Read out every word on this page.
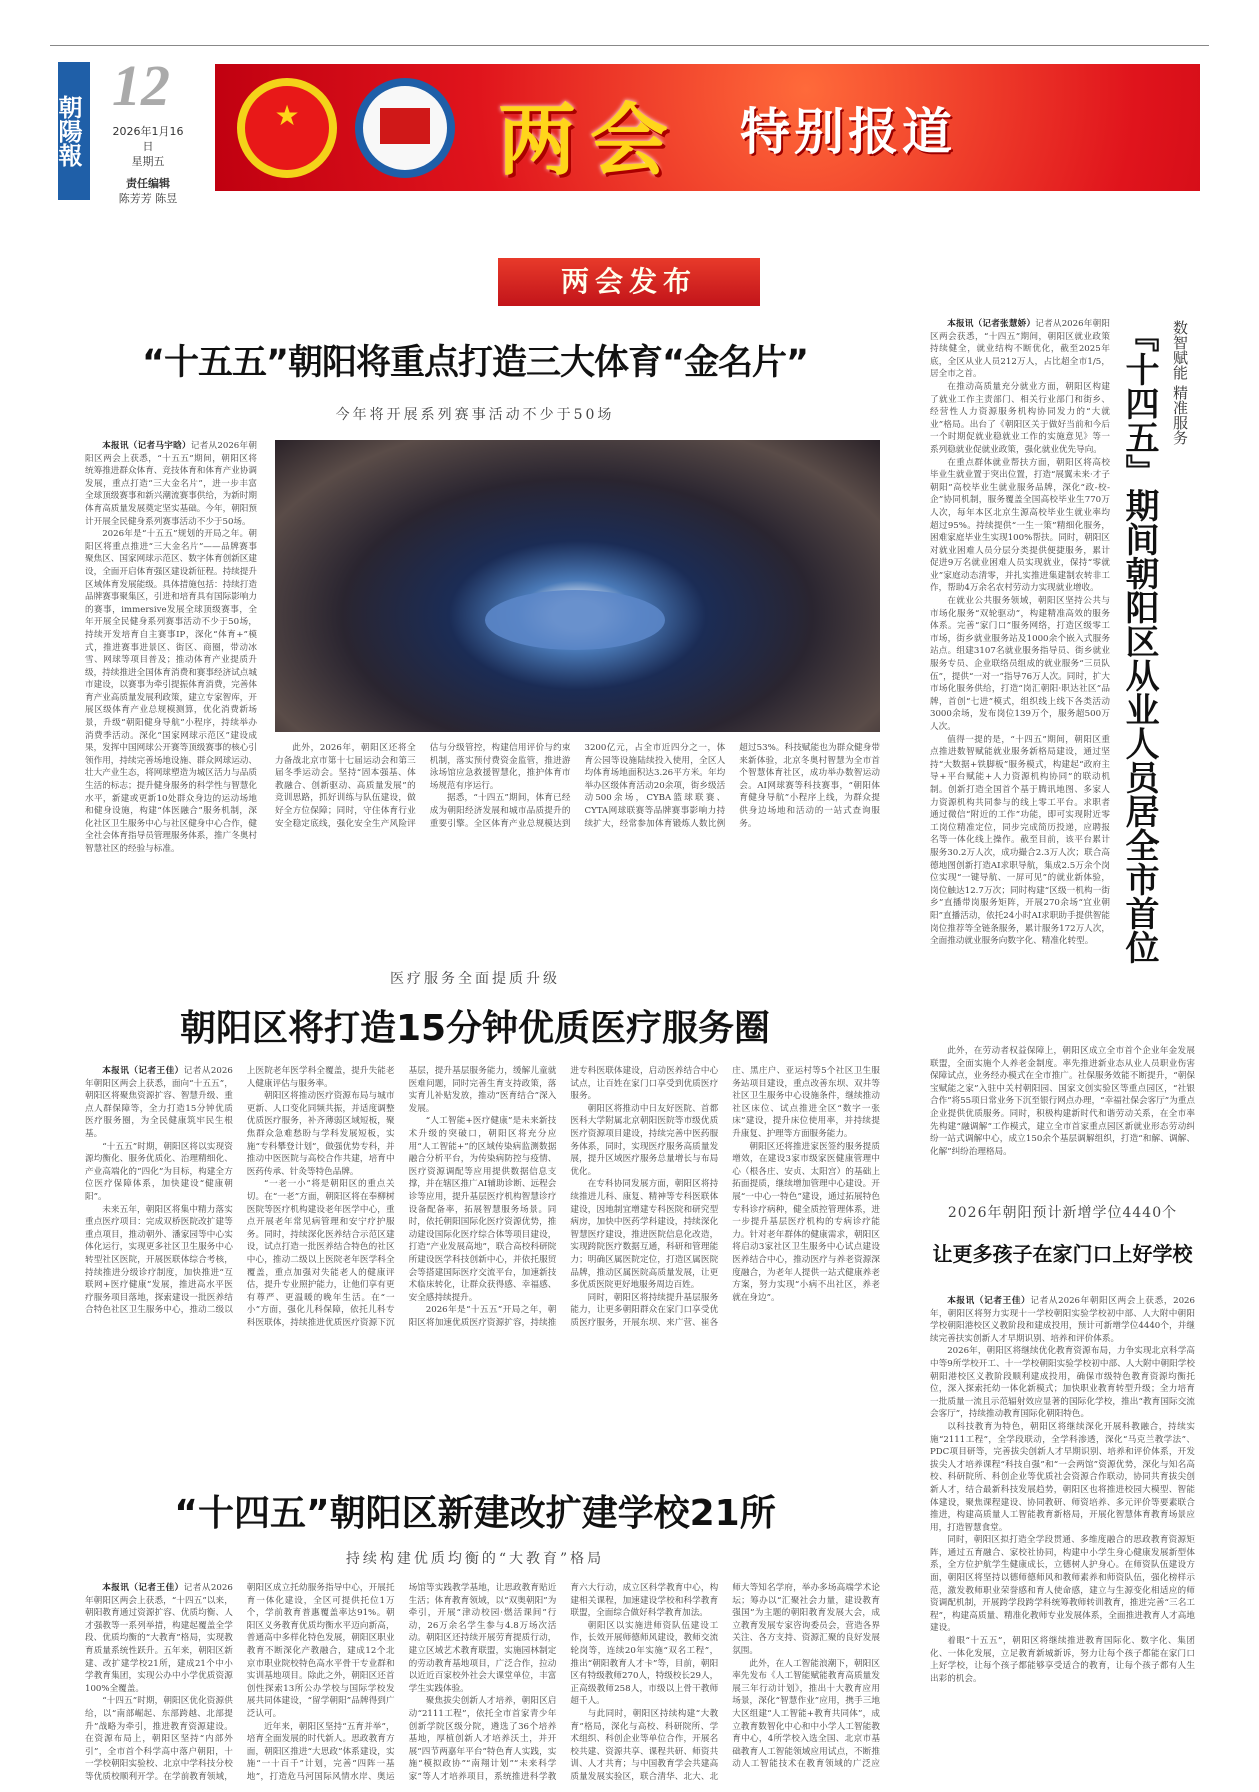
朝陽報
12
2026年1月16日
星期五
责任编辑
陈芳芳 陈昱
★	两会 特别报道
两会发布
“十五五”朝阳将重点打造三大体育“金名片”
今年将开展系列赛事活动不少于50场

本报讯（记者马宇晗）记者从2026年朝阳区两会上获悉，“十五五”期间，朝阳区将统筹推进群众体育、竞技体育和体育产业协调发展，重点打造“三大金名片”，进一步丰富全球顶级赛事和新兴潮流赛事供给，为新时期体育高质量发展奠定坚实基础。今年，朝阳预计开展全民健身系列赛事活动不少于50场。

2026年是“十五五”规划的开局之年。朝阳区将重点推进“三大金名片”——品牌赛事聚焦区、国家网球示范区、数字体育创新区建设，全面开启体育强区建设新征程。持续提升区域体育发展能级。具体措施包括：持续打造品牌赛事聚集区，引进和培育具有国际影响力的赛事，immersive发展全球顶级赛事，全年开展全民健身系列赛事活动不少于50场，持续开发培育自主赛事IP，深化“体育+”模式，推进赛事进景区、街区、商圈，带动冰雪、网球等项目普及；推动体育产业提质升级，持续推进全国体育消费和赛事经济试点城市建设，以赛事为牵引提振体育消费，完善体育产业高质量发展利政策，建立专家智库，开展区级体育产业总规模测算，优化消费新场景，升级“朝阳健身导航”小程序，持续举办消费季活动。深化“国家网球示范区”建设成果，发挥中国网球公开赛等顶级赛事的核心引领作用，持续完善场地设施、群众网球运动、壮大产业生态，将网球塑造为城区活力与品质生活的标志；提升健身服务的科学性与智慧化水平，新建或更新10处群众身边的运动场地和健身设施，构建“体医融合”服务机制，深化社区卫生服务中心与社区健身中心合作，健全社会体育指导员管理服务体系，推广冬奥村智慧社区的经验与标准。

此外，2026年，朝阳区还将全力备战北京市第十七届运动会和第三届冬季运动会。坚持“固本强基、体教融合、创新驱动、高质量发展”的竞训思路，抓好训练与队伍建设，做好全方位保障；同时，守住体育行业安全稳定底线，强化安全生产风险评估与分级管控，构建信用评价与约束机制，落实预付费资金监管，推进游泳场馆应急救援智慧化，推护体育市场规范有序运行。

据悉，“十四五”期间，体育已经成为朝阳经济发展和城市品质提升的重要引擎。全区体育产业总规模达到3200亿元，占全市近四分之一，体育公园等设施陆续投入使用，全区人均体育场地面积达3.26平方米。年均举办区级体育活动20余项，街乡级活动500余场，CYBA篮球联赛、CYTA网球联赛等品牌赛事影响力持续扩大，经常参加体育锻炼人数比例超过53%。科技赋能也为群众健身带来新体验，北京冬奥村智慧为全市首个智慧体育社区，成功举办数智运动会。AI网球赛等科技赛事，“朝阳体育健身导航”小程序上线，为群众提供身边场地和活动的一站式查询服务。

本报讯（记者张慧娇）记者从2026年朝阳区两会获悉，“十四五”期间，朝阳区就业政策持续健全，就业结构不断优化，截至2025年底，全区从业人员212万人，占比超全市1/5，居全市之首。

在推动高质量充分就业方面，朝阳区构建了就业工作主责部门、相关行业部门和街乡、经营性人力资源服务机构协同发力的“大就业”格局。出台了《朝阳区关于做好当前和今后一个时期促就业稳就业工作的实施意见》等一系列稳就业促就业政策，强化就业优先导向。

在重点群体就业帮扶方面，朝阳区将高校毕业生就业置于突出位置，打造“展翼未来·才子朝阳”高校毕业生就业服务品牌，深化“政-校-企”协同机制，服务覆盖全国高校毕业生770万人次，每年本区北京生源高校毕业生就业率均超过95%。持续提供“一生一策”精细化服务，困难家庭毕业生实现100%帮扶。同时，朝阳区对就业困难人员分层分类提供便捷服务，累计促进9万名就业困难人员实现就业，保持“零就业”家庭动态清零，并扎实推进集建制农转非工作，帮助4万余名农村劳动力实现就业增收。

在就业公共服务领域，朝阳区坚持公共与市场化服务“双轮驱动”，构建精准高效的服务体系。完善“家门口”服务网络，打造区级零工市场，街乡就业服务站及1000余个嵌入式服务站点。组建3107名就业服务指导员、街乡就业服务专员、企业联络员组成的就业服务“三员队伍”，提供“一对一”指导76万人次。同时，扩大市场化服务供给，打造“岗汇朝阳·职达社区”品牌，首创“七进”模式，组织线上线下各类活动3000余场，发布岗位139万个，服务超500万人次。

值得一提的是，“十四五”期间，朝阳区重点推进数智赋能就业服务新格局建设，通过坚持“大数据+铁脚板”服务模式，构建起“政府主导+平台赋能+人力资源机构协同”的联动机制。创新打造全国首个基于腾讯地图、多家人力资源机构共同参与的线上零工平台。求职者通过微信“附近的工作”功能，即可实现附近零工岗位精准定位，同步完成简历投递，应聘报名等一体化线上操作。截至目前，该平台累计服务30.2万人次，成功撮合2.3万人次；联合高德地图创新打造AI求职导航，集成2.5万余个岗位实现“一键导航、一屏可见”的就业新体验，岗位触达12.7万次；同时构建“区级一机构一街乡”直播带岗服务矩阵，开展270余场“宜业朝阳”直播活动，依托24小时AI求职助手提供智能岗位推荐等全链条服务，累计服务172万人次，全面推动就业服务向数字化、精准化转型。 『十四五』期间朝阳区从业人员居全市首位 数智赋能 精准服务

此外，在劳动者权益保障上，朝阳区成立全市首个企业年金发展联盟，全面实施个人养老金制度。率先推进新业态从业人员职业伤害保障试点，业务经办模式在全市推广。社保服务效能不断提升，“朝保宝赋能之家”入驻中关村朝阳园、国家文创实验区等重点园区，“社银合作”将55项日常业务下沉至银行网点办理，“幸福社保会客厅”为重点企业提供优质服务。同时，积极构建新时代和谐劳动关系，在全市率先构建“融调解”工作模式，建立全市首家重点园区新就业形态劳动纠纷一站式调解中心，成立150余个基层调解组织，打造“和解、调解、化解”纠纷治理格局。

医疗服务全面提质升级
朝阳区将打造15分钟优质医疗服务圈

本报讯（记者王佳）记者从2026年朝阳区两会上获悉，面向“十五五”，朝阳区将聚焦资源扩容、智慧升级、重点人群保障等，全力打造15分钟优质医疗服务圈，为全民健康筑牢民生根基。

“十五五”时期，朝阳区将以实现资源均衡化、服务优质化、治理精细化、产业高端化的“四化”为目标，构建全方位医疗保障体系，加快建设“健康朝阳”。

未来五年，朝阳区将集中精力落实重点医疗项目：完成双桥医院改扩建等重点项目，推动朝外、潘家园等中心实体化运行，实现更多社区卫生服务中心转型社区医院，开展医联体综合考核，持续推进分级诊疗制度，加快推进“互联网+医疗健康”发展，推进高水平医疗服务项目落地，探索建设一批医养结合特色社区卫生服务中心，推动二级以上医院老年医学科全覆盖，提升失能老人健康评估与服务率。

朝阳区将推动医疗资源布局与城市更新、人口变化同频共振，并适度调整优质医疗服务，补齐薄弱区域短板，聚焦群众急难愁盼与学科发展短板，实施“专科攀登计划”，做强优势专科，并推动中医医院与高校合作共建，培育中医药传承、针灸等特色品牌。

“一老一小”将是朝阳区的重点关切。在“一老”方面，朝阳区将在奉柳树医院等医疗机构建设老年医学中心，重点开展老年常见病管理和安宁疗护服务。同时，持续深化医养结合示范区建设，试点打造一批医养结合特色的社区中心，推动二级以上医院老年医学科全覆盖，重点加强对失能老人的健康评估，提升专业照护能力，让他们享有更有尊严、更温暖的晚年生活。在“一小”方面，强化儿科保障，依托儿科专科医联体，持续推进优质医疗资源下沉基层，提升基层服务能力，缓解儿童就医难问题，同时完善生育支持政策，落实育儿补贴发放，推动“医育结合”深入发展。

“人工智能+医疗健康”是未来新技术升级的突破口，朝阳区将充分应用“人工智能+”的区域传染病监测数据融合分析平台，为传染病防控与疫情、医疗资源调配等应用提供数据信息支撑，并在辖区推广AI辅助诊断、远程会诊等应用，提升基层医疗机构智慧诊疗设备配备率，拓展智慧服务场景。同时，依托朝阳国际化医疗资源优势，推动建设国际化医疗综合体等项目建设，打造“产业发展高地”，联合高校科研院所建设医学科技创新中心，并依托服贸会等搭建国际医疗交流平台，加速新技术临床转化，让群众获得感、幸福感、安全感持续提升。

2026年是“十五五”开局之年，朝阳区将加速优质医疗资源扩容，持续推进专科医联体建设，启动医养结合中心试点，让百姓在家门口享受到优质医疗服务。

朝阳区将推动中日友好医院、首都医科大学附属北京朝阳医院等市级优质医疗资源项目建设，持续完善中医药服务体系，同时，实现医疗服务高质量发展，提升区域医疗服务总量增长与布局优化。

在专科协同发展方面，朝阳区将持续推进儿科、康复、精神等专科医联体建设，因地制宜增建专科医院和研究型病房，加快中医药学科建设，持续深化智慧医疗建设，推进医院信息化改造，实现跨院医疗数据互通，科研和管理能力；明确区属医院定位，打造区属医院品牌，推动区属医院高质量发展，让更多优质医院更好地服务周边百姓。

同时，朝阳区将持续提升基层服务能力，让更多朝阳群众在家门口享受优质医疗服务，开展东坝、来广营、崔各庄、黑庄户、亚运村等5个社区卫生服务站项目建设，重点改善东坝、双井等社区卫生服务中心设施条件，继续推动社区床位、试点推进全区“数字一张床”建设，提升床位使用率，并持续提升康复、护理等方面服务能力。

朝阳区还将推进家医签约服务提质增效，在建设3家市级家医健康管理中心（根各庄、安贞、太阳宫）的基础上拓面提质，继续增加管理中心建设。开展“一中心一特色”建设，通过拓展特色专科诊疗病种，健全质控管理体系，进一步提升基层医疗机构的专病诊疗能力。针对老年群体的健康需求，朝阳区将启动3家社区卫生服务中心试点建设医养结合中心，推动医疗与养老资源深度融合，为老年人提供一站式健康养老方案，努力实现“小病不出社区，养老就在身边”。

“十四五”朝阳区新建改扩建学校21所
持续构建优质均衡的“大教育”格局

本报讯（记者王佳）记者从2026年朝阳区两会上获悉，“十四五”以来，朝阳教育通过资源扩容、优质均衡、人才强教等一系列举措，构建起覆盖全学段、优质均衡的“大教育”格局，实现教育质量系统性跃升。五年来，朝阳区新建、改扩建学校21所，建成21个中小学教育集团，实现公办中小学优质资源100%全覆盖。

“十四五”时期，朝阳区优化资源供给，以“南部崛起、东部跨越、北部提升”战略为牵引，推进教育资源建设。在资源布局上，朝阳区坚持“内部外引”，全市首个科学高中落户朝阳，十一学校朝阳实验校、北京中学科技分校等优质校顺利开学。在学前教育领域，朝阳区成立托幼服务指导中心，开展托育一体化建设，全区可提供托位1万个，学前教育普惠覆盖率达91%。朝阳区义务教育优质均衡水平迈向新高，普通高中多样化特色发展，朝阳区职业教育不断深化产教融合，建成12个北京市职业院校特色高水平骨干专业群和实训基地项目。除此之外，朝阳区还首创性探索13所公办学校与国际学校发展共同体建设，“留学朝阳”品牌得到广泛认可。

近年来，朝阳区坚持“五育并举”，培育全面发展的时代新人。思政教育方面，朝阳区推进“大思政”体系建设，实施“一十百千”计划，完善“四阵一基地”，打造危马河国际风情水岸、奥运场馆等实践教学基地，让思政教育贴近生活；体育教育领域，以“双奥朝阳”为牵引，开展“津动校园·燃活课间”行动，26万余名学生参与4.8万场次活动。朝阳区还持续开展劳育提质行动，建立区域艺术教育联盟，实施园林制定的劳动教育基地项目，广泛合作，拉动以近近百家校外社会大课堂单位，丰富学生实践体验。

聚焦拔尖创新人才培养，朝阳区启动“2111工程”，依托全市首家青少年创新学院区级分院，遴选了36个培养基地，厚植创新人才培养沃土，并开展“四节两嘉年平台”特色育人实践，实施“模拟政协”“南翔计划”“未来科学家”等人才培养项目，系统推进科学教育六大行动，成立区科学教育中心，构建相关课程，加速建设学校和科学教育联盟，全面综合做好科学教育加法。

朝阳区以实施进师资队伍建设工作，长效开展师德师风建设，教师交流轮岗等，连续20年实施“双名工程”，推出“朝阳教育人才卡”等，目前，朝阳区有特级教师270人，特级校长29人，正高级教师258人，市级以上骨干教师超千人。

与此同时，朝阳区持续构建“大教育”格局，深化与高校、科研院所、学术组织、科创企业等单位合作，开展名校共建、资源共享、课程共研、师资共训、人才共育；与中国教育学会共建高质量发展实验区，联合清华、北大、北师大等知名学府，举办多场高端学术论坛；筹办以“汇聚社会力量，建设教育强国”为主题的朝阳教育发展大会，成立教育发展专家咨询委员会，营造各界关注、各方支持、资源汇聚的良好发展氛围。

此外，在人工智能浪潮下，朝阳区率先发布《人工智能赋能教育高质量发展三年行动计划》，推出十大教育应用场景，深化“智慧作业”应用，携手三地大区组建“人工智能+教育共同体”，成立教育数智化中心和中小学人工智能教育中心，4所学校入选全国、北京市基础教育人工智能领域应用试点，不断推动人工智能技术在教育领域的广泛应

2026年朝阳预计新增学位4440个
让更多孩子在家门口上好学校

本报讯（记者王佳）记者从2026年朝阳区两会上获悉，2026年，朝阳区将努力实现十一学校朝阳实验学校初中部、人大附中朝阳学校朝阳港校区义教阶段和建成投用，预计可新增学位4440个，并继续完善扶实创新人才早期识别、培养和评价体系。

2026年，朝阳区将继续优化教育资源布局，力争实现北京科学高中等9所学校开工、十一学校朝阳实验学校初中部、人大附中朝阳学校朝阳港校区义教阶段顺利建成投用，确保市级特色教育资源均衡托位，深入探索托幼一体化新模式；加快职业教育转型升级；全力培育一批质量一流且示范辐射效应显著的国际化学校，推出“教育国际交流会客厅”，持续推动教育国际化朝阳特色。

以科技教育为特色，朝阳区将继续深化开展科教融合，持续实施“2111工程”，全学段联动，全学科渗透，深化“马克兰教学法”、PDC项目研等，完善拔尖创新人才早期识别、培养和评价体系，开发拔尖人才培养课程“科技自强”和“一会两馆”资源优势，深化与知名高校、科研院所、科创企业等优质社会资源合作联动，协同共育拔尖创新人才，结合最新科技发展趋势，朝阳区也将推进校园大模型、智能体建设，聚焦课程建设、协同教研、师资培养、多元评价等要素联合推进，构建高质量人工智能教育新格局，开展化智慧体育教育场景应用，打造智慧食堂。

同时，朝阳区拟打造全学段贯通、多维度融合的思政教育资源矩阵，通过五育融合、家校社协同，构建中小学生身心健康发展新型体系，全方位护航学生健康成长，立德树人护身心。在师资队伍建设方面，朝阳区将坚持以德师德师风和教师素养和师资队伍，强化榜样示范，激发教师职业荣誉感和育人使命感，建立与生源变化相适应的师资调配机制，开展跨学段跨学科统筹教师转训教育，推进完善“三名工程”，构建高质量、精准化教师专业发展体系，全面推进教育人才高地建设。

着眼“十五五”，朝阳区将继续推进教育国际化、数字化、集团化、一体化发展，立足教育新城新诉，努力让每个孩子都能在家门口上好学校，让每个孩子都能够享受适合的教育，让每个孩子都有人生出彩的机会。
